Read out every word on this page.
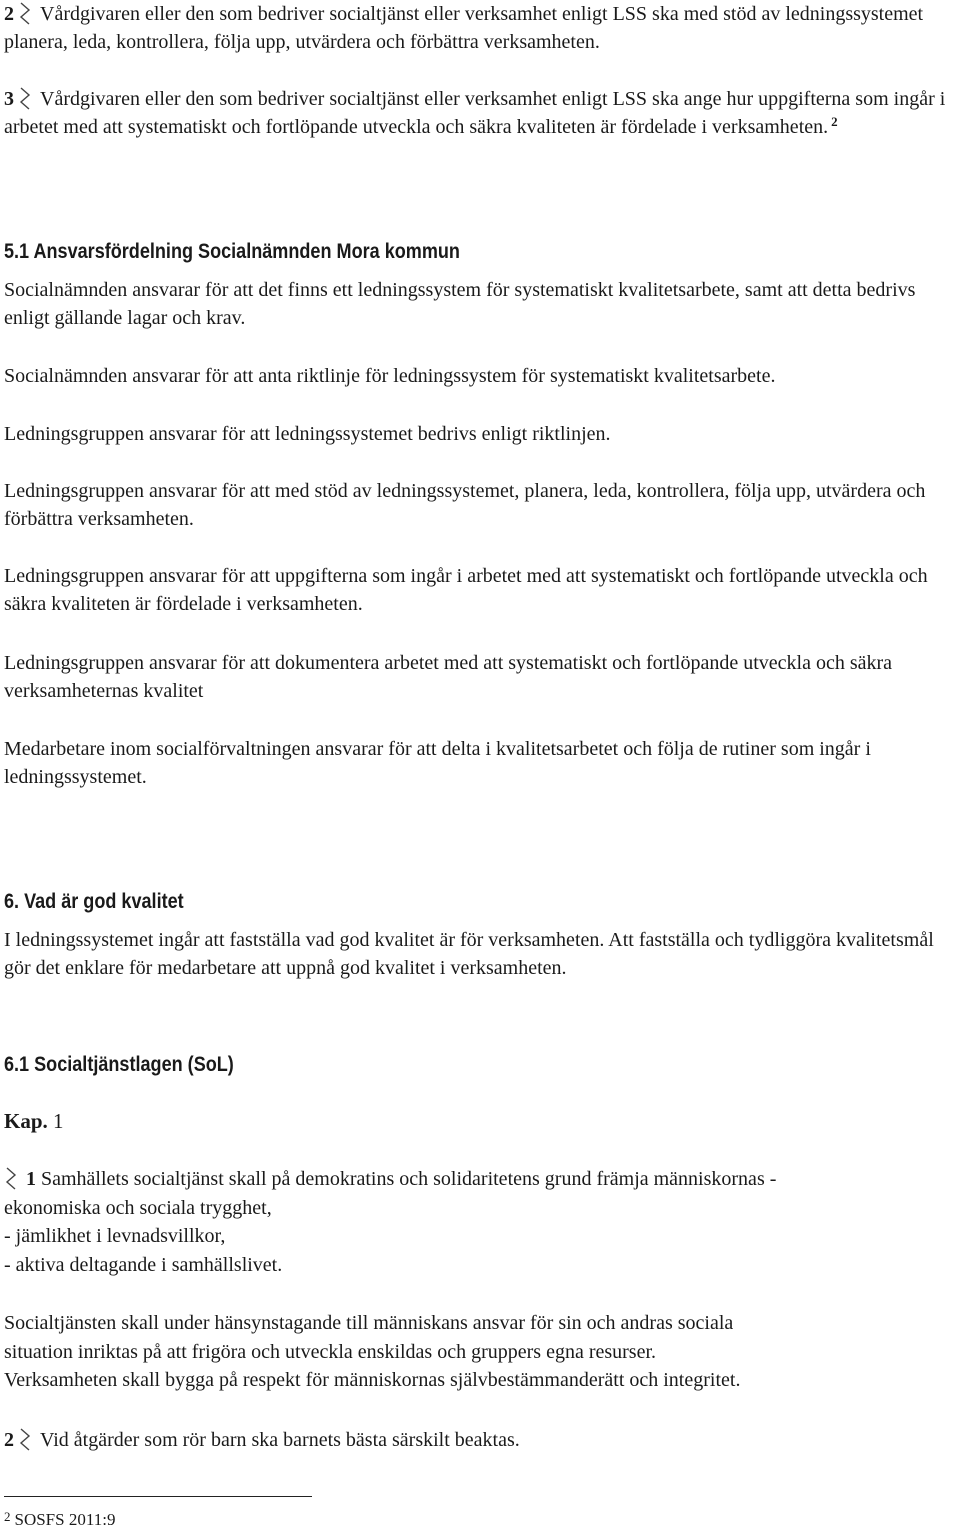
2 Vårdgivaren eller den som bedriver socialtjänst eller verksamhet enligt LSS ska med stöd av ledningssystemet planera, leda, kontrollera, följa upp, utvärdera och förbättra verksamheten.

3 Vårdgivaren eller den som bedriver socialtjänst eller verksamhet enligt LSS ska ange hur uppgifterna som ingår i arbetet med att systematiskt och fortlöpande utveckla och säkra kvaliteten är fördelade i verksamheten. $^2$

5.1 Ansvarsfördelning Socialnämnden Mora kommun

Socialnämnden ansvarar för att det finns ett ledningssystem för systematiskt kvalitetsarbete, samt att detta bedrivs enligt gällande lagar och krav.

Socialnämnden ansvarar för att anta riktlinje för ledningssystem för systematiskt kvalitetsarbete.

Ledningsgruppen ansvarar för att ledningssystemet bedrivs enligt riktlinjen.

Ledningsgruppen ansvarar för att med stöd av ledningssystemet, planera, leda, kontrollera, följa upp, utvärdera och förbättra verksamheten.

Ledningsgruppen ansvarar för att uppgifterna som ingår i arbetet med att systematiskt och fortlöpande utveckla och säkra kvaliteten är fördelade i verksamheten.

Ledningsgruppen ansvarar för att dokumentera arbetet med att systematiskt och fortlöpande utveckla och säkra verksamheternas kvalitet

Medarbetare inom socialförvaltningen ansvarar för att delta i kvalitetsarbetet och följa de rutiner som ingår i ledningssystemet.

6. Vad är god kvalitet

I ledningssystemet ingår att fastställa vad god kvalitet är för verksamheten. Att fastställa och tydliggöra kvalitetsmål gör det enklare för medarbetare att uppnå god kvalitet i verksamheten.

6.1 Socialtjänstlagen (SoL)
Kap. 1
1 Samhällets socialtjänst skall på demokratins och solidaritetens grund främja människornas -
ekonomiska och sociala trygghet,
- jämlikhet i levnadsvillkor,
- aktiva deltagande i samhällslivet.
Socialtjänsten skall under hänsynstagande till människans ansvar för sin och andras sociala
situation inriktas på att frigöra och utveckla enskildas och gruppers egna resurser.
Verksamheten skall bygga på respekt för människornas självbestämmanderätt och integritet.

2 Vid åtgärder som rör barn ska barnets bästa särskilt beaktas.

$^2$ SOSFS 2011:9
